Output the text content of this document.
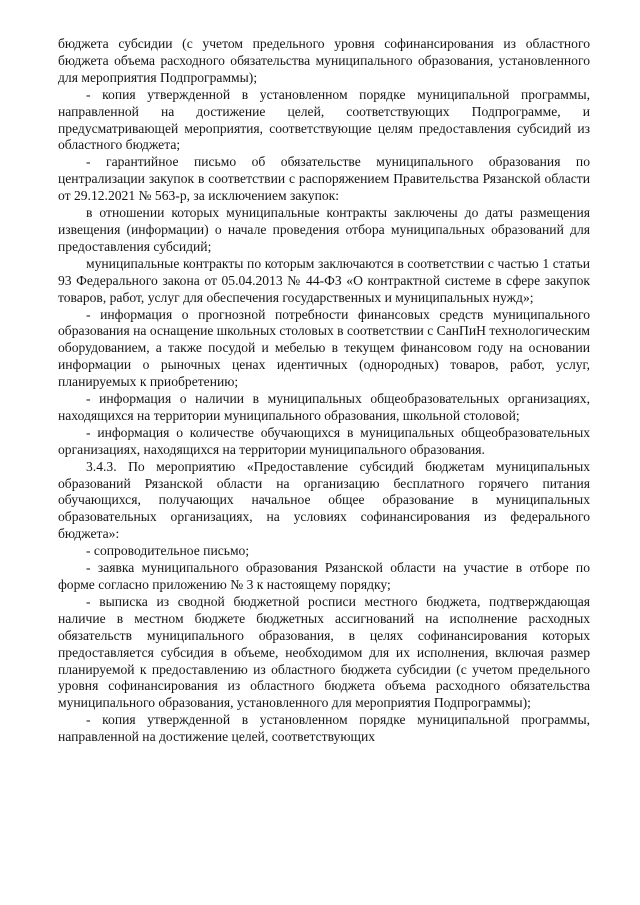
бюджета субсидии (с учетом предельного уровня софинансирования из областного бюджета объема расходного обязательства муниципального образования, установленного для мероприятия Подпрограммы);

- копия утвержденной в установленном порядке муниципальной программы, направленной на достижение целей, соответствующих Подпрограмме, и предусматривающей мероприятия, соответствующие целям предоставления субсидий из областного бюджета;

- гарантийное письмо об обязательстве муниципального образования по централизации закупок в соответствии с распоряжением Правительства Рязанской области от 29.12.2021 № 563-р, за исключением закупок:

в отношении которых муниципальные контракты заключены до даты размещения извещения (информации) о начале проведения отбора муниципальных образований для предоставления субсидий;

муниципальные контракты по которым заключаются в соответствии с частью 1 статьи 93 Федерального закона от 05.04.2013 № 44-ФЗ «О контрактной системе в сфере закупок товаров, работ, услуг для обеспечения государственных и муниципальных нужд»;

- информация о прогнозной потребности финансовых средств муниципального образования на оснащение школьных столовых в соответствии с СанПиН технологическим оборудованием, а также посудой и мебелью в текущем финансовом году на основании информации о рыночных ценах идентичных (однородных) товаров, работ, услуг, планируемых к приобретению;

- информация о наличии в муниципальных общеобразовательных организациях, находящихся на территории муниципального образования, школьной столовой;

- информация о количестве обучающихся в муниципальных общеобразовательных организациях, находящихся на территории муниципального образования.

3.4.3. По мероприятию «Предоставление субсидий бюджетам муниципальных образований Рязанской области на организацию бесплатного горячего питания обучающихся, получающих начальное общее образование в муниципальных образовательных организациях, на условиях софинансирования из федерального бюджета»:

- сопроводительное письмо;

- заявка муниципального образования Рязанской области на участие в отборе по форме согласно приложению № 3 к настоящему порядку;

- выписка из сводной бюджетной росписи местного бюджета, подтверждающая наличие в местном бюджете бюджетных ассигнований на исполнение расходных обязательств муниципального образования, в целях софинансирования которых предоставляется субсидия в объеме, необходимом для их исполнения, включая размер планируемой к предоставлению из областного бюджета субсидии (с учетом предельного уровня софинансирования из областного бюджета объема расходного обязательства муниципального образования, установленного для мероприятия Подпрограммы);

- копия утвержденной в установленном порядке муниципальной программы, направленной на достижение целей, соответствующих
